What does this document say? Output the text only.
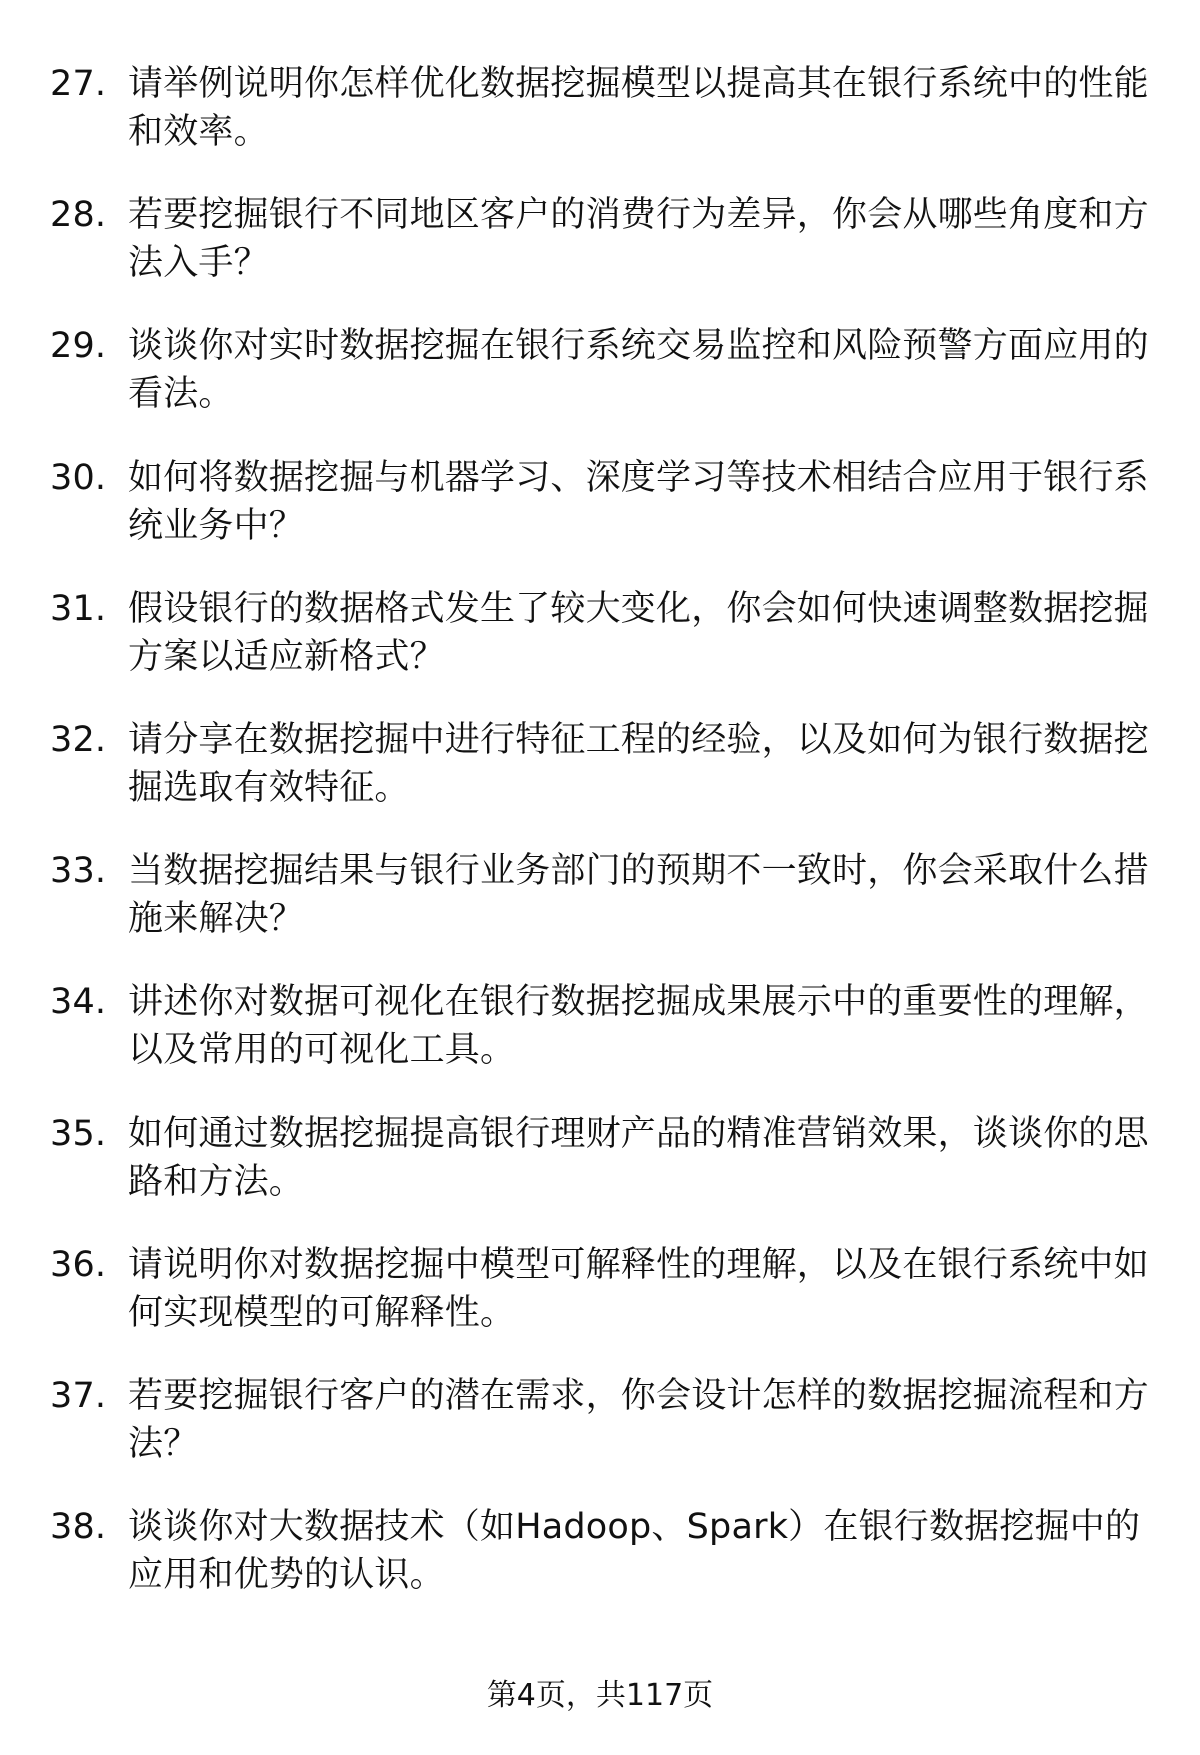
27. 请举例说明你怎样优化数据挖掘模型以提高其在银行系统中的性能和效率。
28. 若要挖掘银行不同地区客户的消费行为差异，你会从哪些角度和方法入手？
29. 谈谈你对实时数据挖掘在银行系统交易监控和风险预警方面应用的看法。
30. 如何将数据挖掘与机器学习、深度学习等技术相结合应用于银行系统业务中？
31. 假设银行的数据格式发生了较大变化，你会如何快速调整数据挖掘方案以适应新格式？
32. 请分享在数据挖掘中进行特征工程的经验，以及如何为银行数据挖掘选取有效特征。
33. 当数据挖掘结果与银行业务部门的预期不一致时，你会采取什么措施来解决？
34. 讲述你对数据可视化在银行数据挖掘成果展示中的重要性的理解，以及常用的可视化工具。
35. 如何通过数据挖掘提高银行理财产品的精准营销效果，谈谈你的思路和方法。
36. 请说明你对数据挖掘中模型可解释性的理解，以及在银行系统中如何实现模型的可解释性。
37. 若要挖掘银行客户的潜在需求，你会设计怎样的数据挖掘流程和方法？
38. 谈谈你对大数据技术（如Hadoop、Spark）在银行数据挖掘中的应用和优势的认识。
第4页，共117页
